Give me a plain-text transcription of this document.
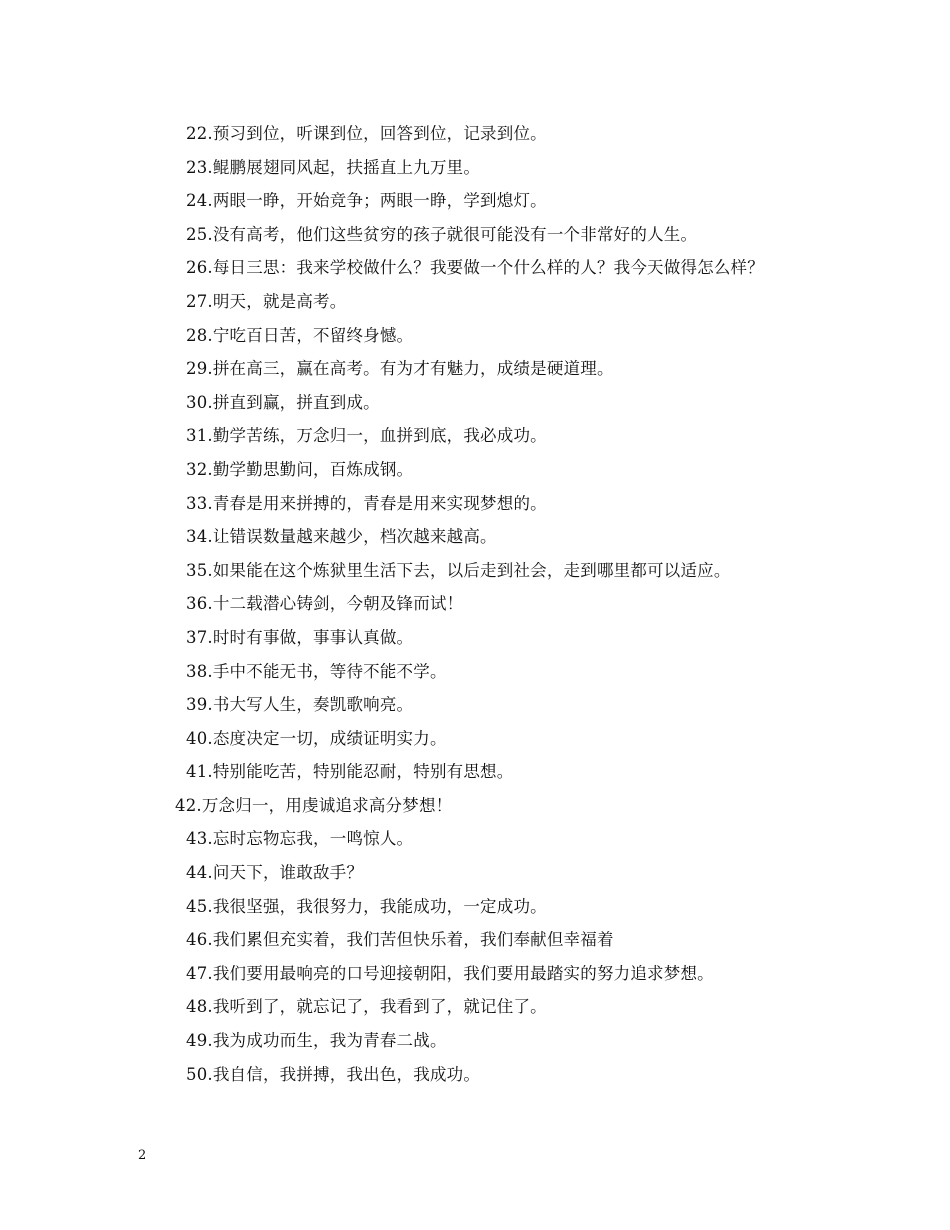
22.预习到位，听课到位，回答到位，记录到位。
23.鲲鹏展翅同风起，扶摇直上九万里。
24.两眼一睁，开始竞争；两眼一睁，学到熄灯。
25.没有高考，他们这些贫穷的孩子就很可能没有一个非常好的人生。
26.每日三思：我来学校做什么？我要做一个什么样的人？我今天做得怎么样？
27.明天，就是高考。
28.宁吃百日苦，不留终身憾。
29.拼在高三，赢在高考。有为才有魅力，成绩是硬道理。
30.拼直到赢，拼直到成。
31.勤学苦练，万念归一，血拼到底，我必成功。
32.勤学勤思勤问，百炼成钢。
33.青春是用来拼搏的，青春是用来实现梦想的。
34.让错误数量越来越少，档次越来越高。
35.如果能在这个炼狱里生活下去，以后走到社会，走到哪里都可以适应。
36.十二载潜心铸剑，今朝及锋而试！
37.时时有事做，事事认真做。
38.手中不能无书，等待不能不学。
39.书大写人生，奏凯歌响亮。
40.态度决定一切，成绩证明实力。
41.特别能吃苦，特别能忍耐，特别有思想。
42.万念归一，用虔诚追求高分梦想！
43.忘时忘物忘我，一鸣惊人。
44.问天下，谁敢敌手？
45.我很坚强，我很努力，我能成功，一定成功。
46.我们累但充实着，我们苦但快乐着，我们奉献但幸福着
47.我们要用最响亮的口号迎接朝阳，我们要用最踏实的努力追求梦想。
48.我听到了，就忘记了，我看到了，就记住了。
49.我为成功而生，我为青春二战。
50.我自信，我拼搏，我出色，我成功。
2
